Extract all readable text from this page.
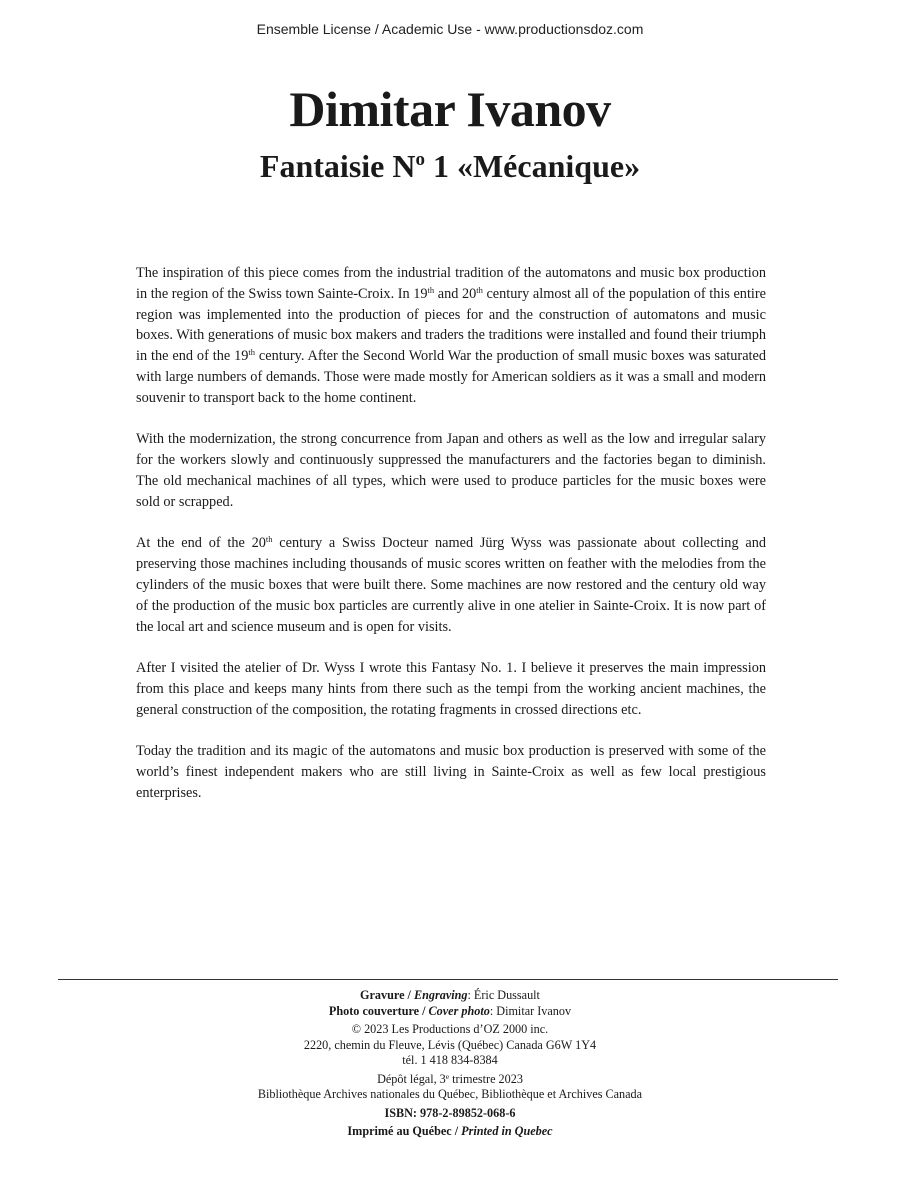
Ensemble License / Academic Use - www.productionsdoz.com
Dimitar Ivanov
Fantaisie $N^o$ 1 «Mécanique»

The inspiration of this piece comes from the industrial tradition of the automatons and music box production in the region of the Swiss town Sainte-Croix. In 19th and 20th century almost all of the population of this entire region was implemented into the production of pieces for and the construction of automatons and music boxes. With generations of music box makers and traders the traditions were installed and found their triumph in the end of the 19th century. After the Second World War the production of small music boxes was saturated with large numbers of demands. Those were made mostly for American soldiers as it was a small and modern souvenir to transport back to the home continent.

With the modernization, the strong concurrence from Japan and others as well as the low and irregular salary for the workers slowly and continuously suppressed the manufacturers and the factories began to diminish. The old mechanical machines of all types, which were used to produce particles for the music boxes were sold or scrapped.

At the end of the 20th century a Swiss Docteur named Jürg Wyss was passionate about collecting and preserving those machines including thousands of music scores written on feather with the melodies from the cylinders of the music boxes that were built there. Some machines are now restored and the century old way of the production of the music box particles are currently alive in one atelier in Sainte-Croix. It is now part of the local art and science museum and is open for visits.

After I visited the atelier of Dr. Wyss I wrote this Fantasy No. 1. I believe it preserves the main impression from this place and keeps many hints from there such as the tempi from the working ancient machines, the general construction of the composition, the rotating fragments in crossed directions etc.

Today the tradition and its magic of the automatons and music box production is preserved with some of the world’s finest independent makers who are still living in Sainte-Croix as well as few local prestigious enterprises.

Gravure / Engraving: Éric Dussault
Photo couverture / Cover photo: Dimitar Ivanov
© 2023 Les Productions d’OZ 2000 inc.
2220, chemin du Fleuve, Lévis (Québec) Canada G6W 1Y4
tél. 1 418 834-8384
Dépôt légal, 3e trimestre 2023
Bibliothèque Archives nationales du Québec, Bibliothèque et Archives Canada
ISBN: 978-2-89852-068-6
Imprimé au Québec / Printed in Quebec
